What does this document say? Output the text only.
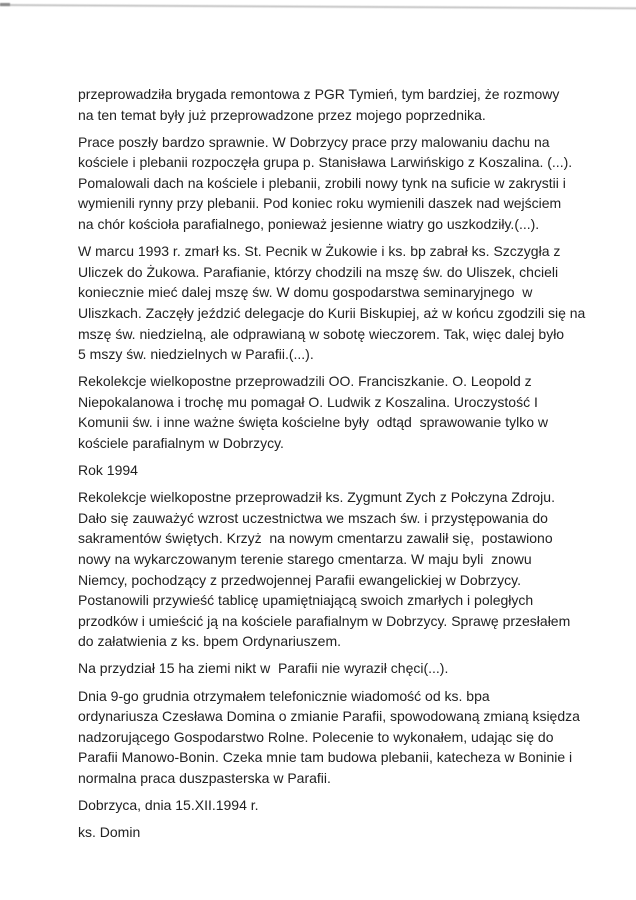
przeprowadziła brygada remontowa z PGR Tymień, tym bardziej, że rozmowy
na ten temat były już przeprowadzone przez mojego poprzednika.

Prace poszły bardzo sprawnie. W Dobrzycy prace przy malowaniu dachu na
kościele i plebanii rozpoczęła grupa p. Stanisława Larwińskigo z Koszalina. (...).
Pomalowali dach na kościele i plebanii, zrobili nowy tynk na suficie w zakrystii i
wymienili rynny przy plebanii. Pod koniec roku wymienili daszek nad wejściem
na chór kościoła parafialnego, ponieważ jesienne wiatry go uszkodziły.(...).

W marcu 1993 r. zmarł ks. St. Pecnik w Żukowie i ks. bp zabrał ks. Szczygła z
Uliczek do Żukowa. Parafianie, którzy chodzili na mszę św. do Uliszek, chcieli
koniecznie mieć dalej mszę św. W domu gospodarstwa seminaryjnego  w
Uliszkach. Zaczęły jeździć delegacje do Kurii Biskupiej, aż w końcu zgodzili się na
mszę św. niedzielną, ale odprawianą w sobotę wieczorem. Tak, więc dalej było
5 mszy św. niedzielnych w Parafii.(...).

Rekolekcje wielkopostne przeprowadzili OO. Franciszkanie. O. Leopold z
Niepokalanowa i trochę mu pomagał O. Ludwik z Koszalina. Uroczystość I
Komunii św. i inne ważne święta kościelne były  odtąd  sprawowanie tylko w
kościele parafialnym w Dobrzycy.

Rok 1994

Rekolekcje wielkopostne przeprowadził ks. Zygmunt Zych z Połczyna Zdroju.
Dało się zauważyć wzrost uczestnictwa we mszach św. i przystępowania do
sakramentów świętych. Krzyż  na nowym cmentarzu zawalił się,  postawiono
nowy na wykarczowanym terenie starego cmentarza. W maju byli  znowu
Niemcy, pochodzący z przedwojennej Parafii ewangelickiej w Dobrzycy.
Postanowili przywieść tablicę upamiętniającą swoich zmarłych i poległych
przodków i umieścić ją na kościele parafialnym w Dobrzycy. Sprawę przesłałem
do załatwienia z ks. bpem Ordynariuszem.

Na przydział 15 ha ziemi nikt w  Parafii nie wyraził chęci(...).

Dnia 9-go grudnia otrzymałem telefonicznie wiadomość od ks. bpa
ordynariusza Czesława Domina o zmianie Parafii, spowodowaną zmianą księdza
nadzorującego Gospodarstwo Rolne. Polecenie to wykonałem, udając się do
Parafii Manowo-Bonin. Czeka mnie tam budowa plebanii, katecheza w Boninie i
normalna praca duszpasterska w Parafii.

Dobrzyca, dnia 15.XII.1994 r.

ks. Domin
